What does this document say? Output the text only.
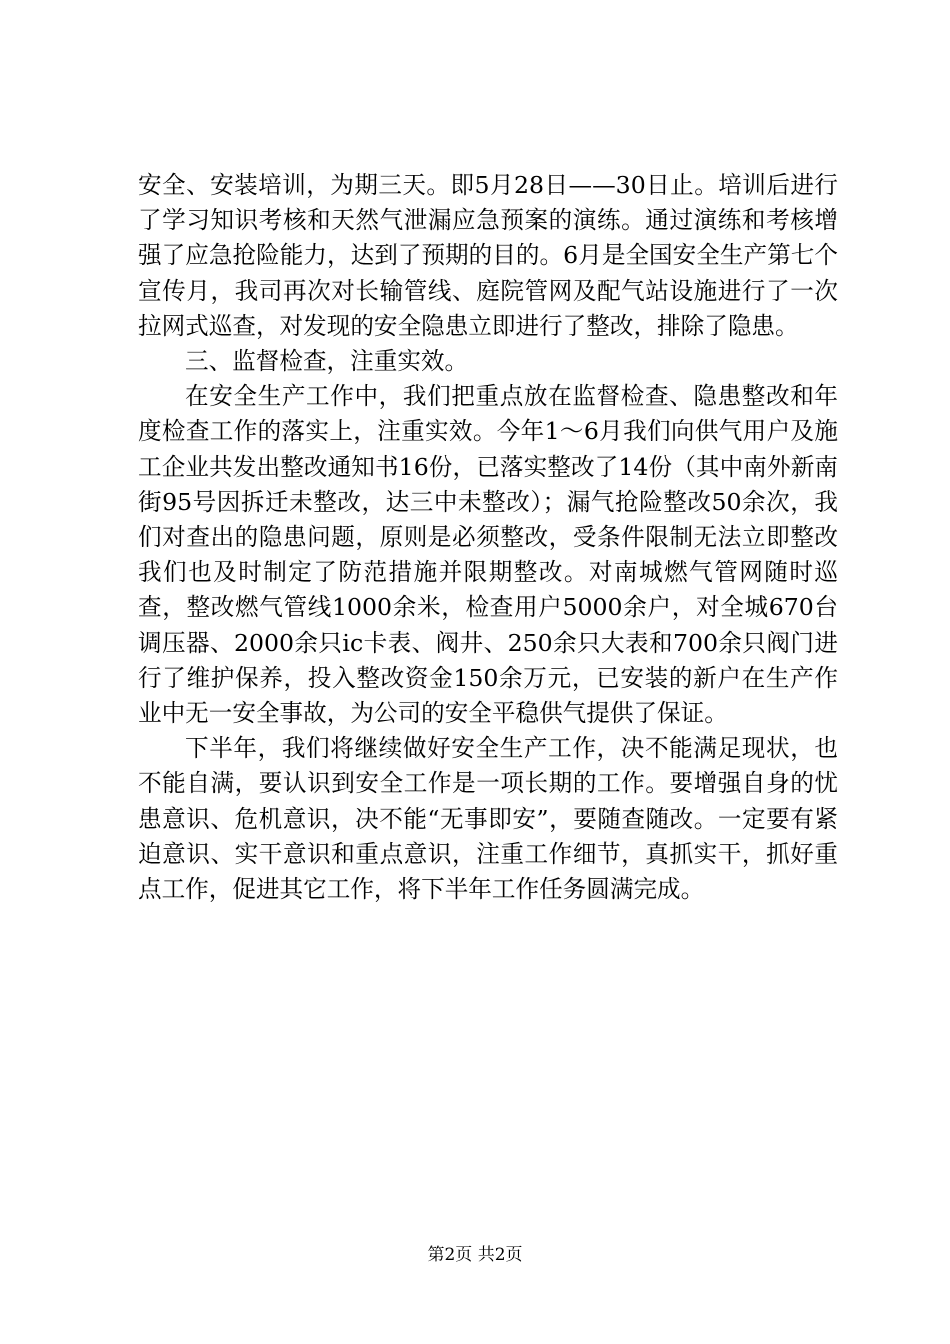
安全、安装培训，为期三天。即5月28日——30日止。培训后进行了学习知识考核和天然气泄漏应急预案的演练。通过演练和考核增强了应急抢险能力，达到了预期的目的。6月是全国安全生产第七个宣传月，我司再次对长输管线、庭院管网及配气站设施进行了一次拉网式巡查，对发现的安全隐患立即进行了整改，排除了隐患。

三、监督检查，注重实效。

在安全生产工作中，我们把重点放在监督检查、隐患整改和年度检查工作的落实上，注重实效。今年1～6月我们向供气用户及施工企业共发出整改通知书16份，已落实整改了14份（其中南外新南街95号因拆迁未整改，达三中未整改）；漏气抢险整改50余次，我们对查出的隐患问题，原则是必须整改，受条件限制无法立即整改我们也及时制定了防范措施并限期整改。对南城燃气管网随时巡查，整改燃气管线1000余米，检查用户5000余户，对全城670台调压器、2000余只ic卡表、阀井、250余只大表和700余只阀门进行了维护保养，投入整改资金150余万元，已安装的新户在生产作业中无一安全事故，为公司的安全平稳供气提供了保证。

下半年，我们将继续做好安全生产工作，决不能满足现状，也不能自满，要认识到安全工作是一项长期的工作。要增强自身的忧患意识、危机意识，决不能“无事即安”，要随查随改。一定要有紧迫意识、实干意识和重点意识，注重工作细节，真抓实干，抓好重点工作，促进其它工作，将下半年工作任务圆满完成。

第2页 共2页
